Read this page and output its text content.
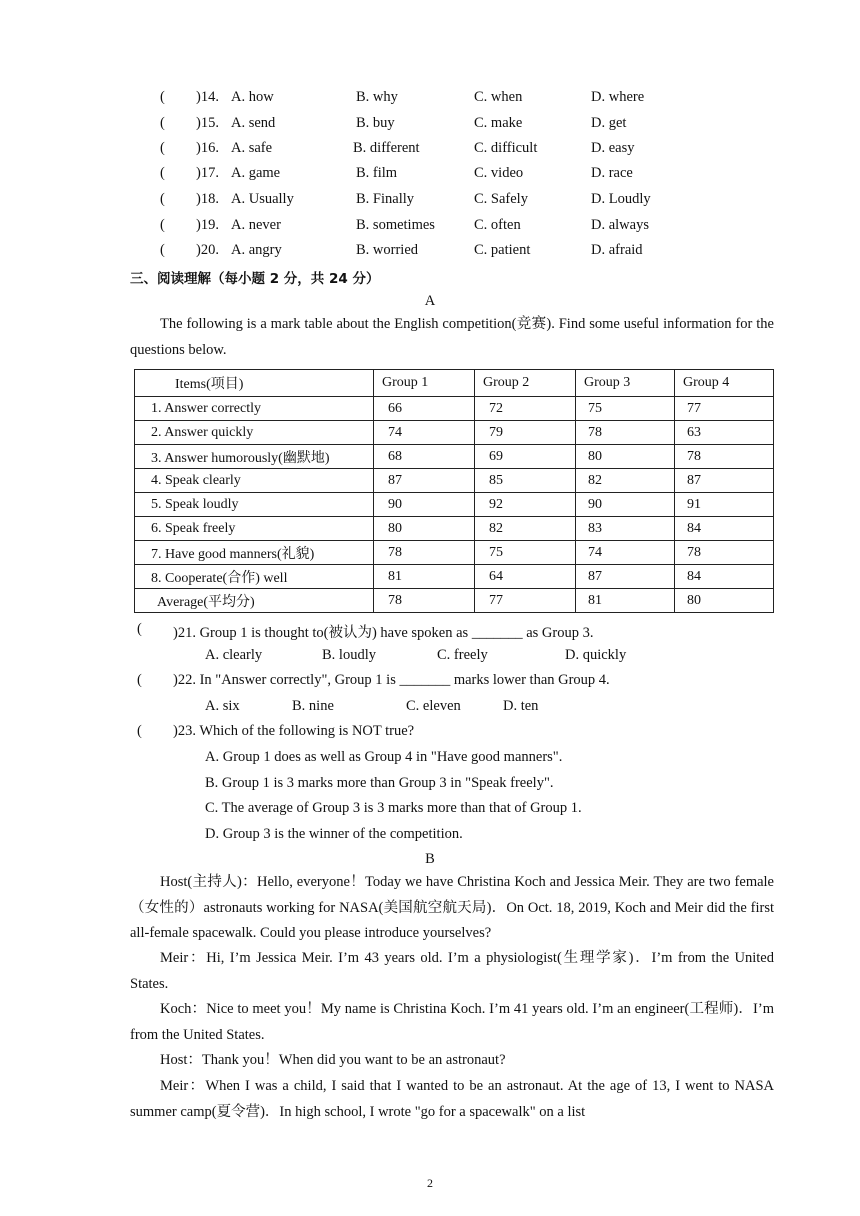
( )14. A. how	B. why	C. when	D. where
( )15. A. send	B. buy	C. make	D. get
( )16. A. safe	B. different	C. difficult	D. easy
( )17. A. game	B. film	C. video	D. race
( )18. A. Usually	B. Finally	C. Safely	D. Loudly
( )19. A. never	B. sometimes	C. often	D. always
( )20. A. angry	B. worried	C. patient	D. afraid
三、阅读理解（每小题 2 分，共 24 分）
A
The following is a mark table about the English competition(竞赛). Find some useful information for the questions below.
Items(项目)	Group 1	Group 2	Group 3	Group 4
1. Answer correctly	66	72	75	77
2. Answer quickly	74	79	78	63
3. Answer humorously(幽默地)	68	69	80	78
4. Speak clearly	87	85	82	87
5. Speak loudly	90	92	90	91
6. Speak freely	80	82	83	84
7. Have good manners(礼貌)	78	75	74	78
8. Cooperate(合作) well	81	64	87	84
Average(平均分)	78	77	81	80
( )21. Group 1 is thought to(被认为) have spoken as _______ as Group 3.
A. clearly	B. loudly	C. freely	D. quickly
( )22. In "Answer correctly", Group 1 is _______ marks lower than Group 4.
A. six	B. nine	C. eleven	D. ten
( )23. Which of the following is NOT true?
A. Group 1 does as well as Group 4 in "Have good manners".
B. Group 1 is 3 marks more than Group 3 in "Speak freely".
C. The average of Group 3 is 3 marks more than that of Group 1.
D. Group 3 is the winner of the competition.
B
Host(主持人)：Hello, everyone！Today we have Christina Koch and Jessica Meir. They are two female（女性的）astronauts working for NASA(美国航空航天局)．On Oct. 18, 2019, Koch and Meir did the first all-female spacewalk. Could you please introduce yourselves?
Meir：Hi, I’m Jessica Meir. I’m 43 years old. I’m a physiologist(生理学家)．I’m from the United States.
Koch：Nice to meet you！My name is Christina Koch. I’m 41 years old. I’m an engineer(工程师)．I’m from the United States.
Host：Thank you！When did you want to be an astronaut?
Meir：When I was a child, I said that I wanted to be an astronaut. At the age of 13, I went to NASA summer camp(夏令营)．In high school, I wrote "go for a spacewalk" on a list
2
